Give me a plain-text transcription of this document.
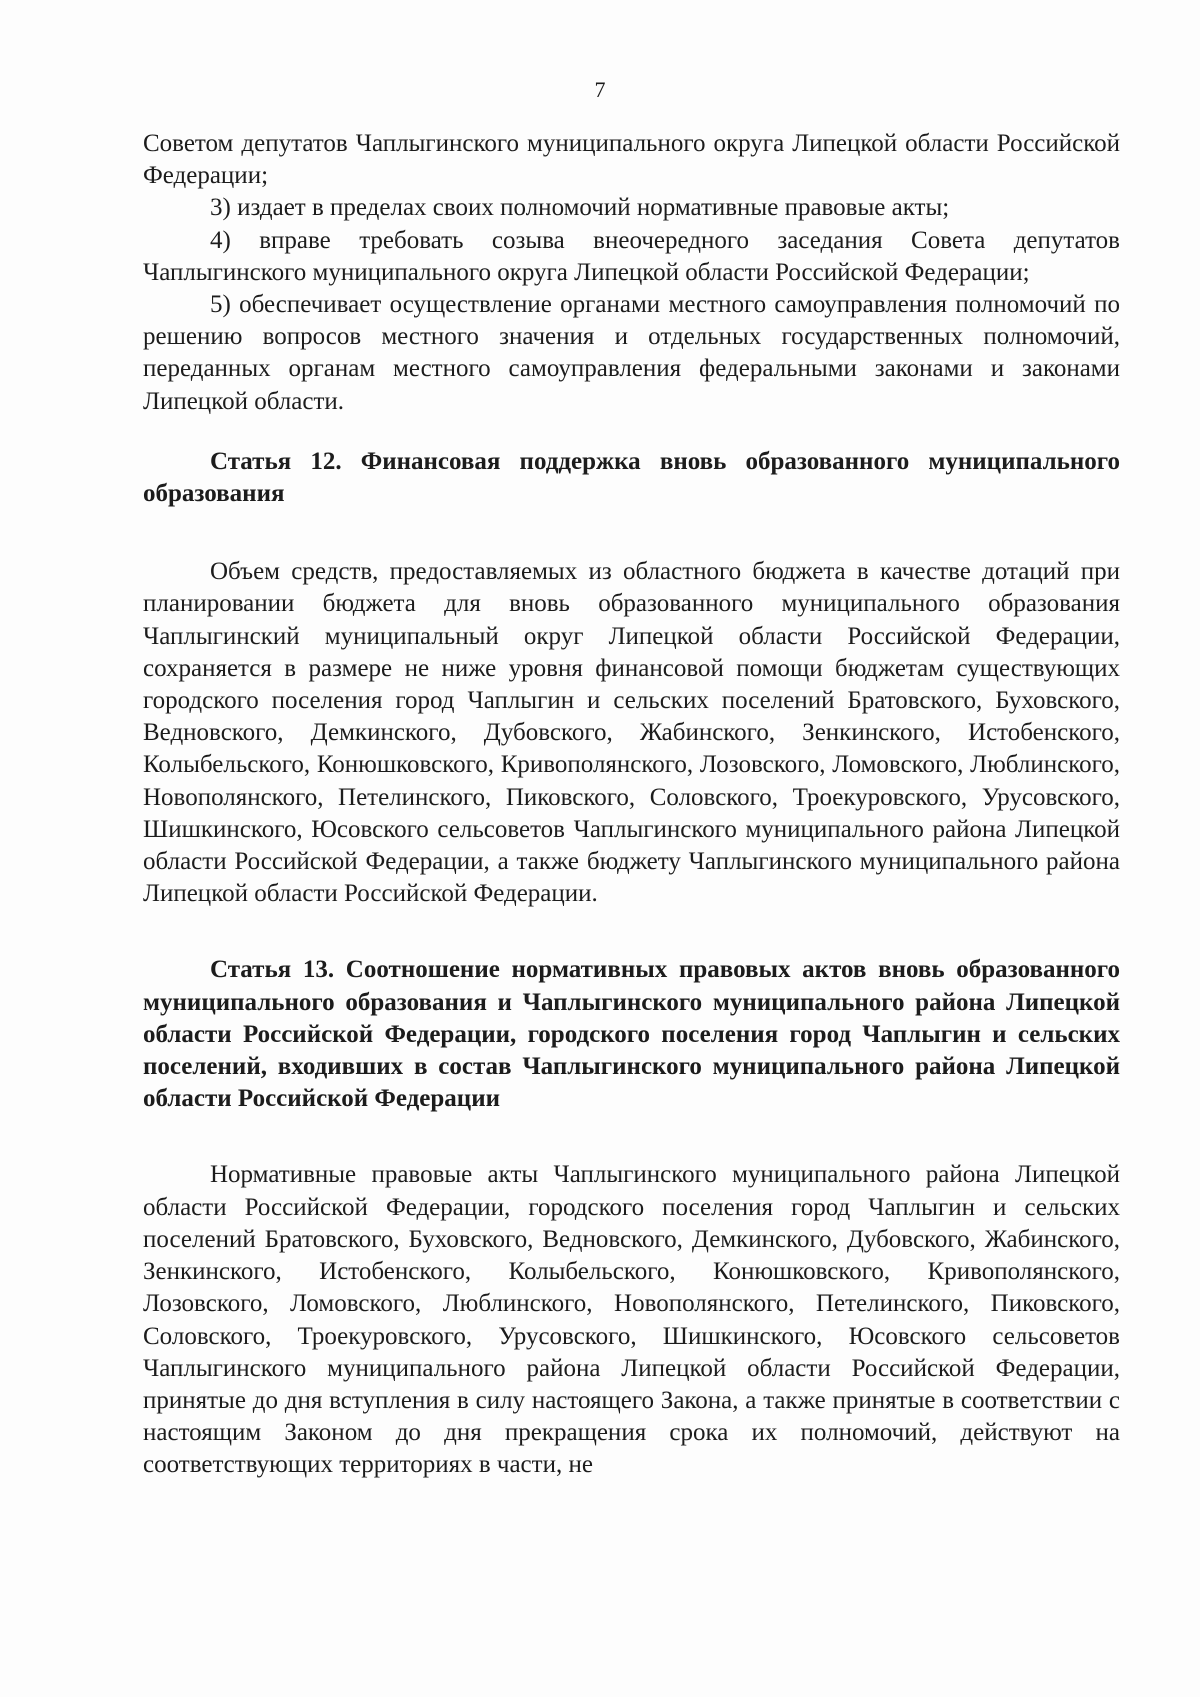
7

Советом депутатов Чаплыгинского муниципального округа Липецкой области Российской Федерации;

3) издает в пределах своих полномочий нормативные правовые акты;

4) вправе требовать созыва внеочередного заседания Совета депутатов Чаплыгинского муниципального округа Липецкой области Российской Федерации;

5) обеспечивает осуществление органами местного самоуправления полномочий по решению вопросов местного значения и отдельных государственных полномочий, переданных органам местного самоуправления федеральными законами и законами Липецкой области.

Статья 12. Финансовая поддержка вновь образованного муниципального образования

Объем средств, предоставляемых из областного бюджета в качестве дотаций при планировании бюджета для вновь образованного муниципального образования Чаплыгинский муниципальный округ Липецкой области Российской Федерации, сохраняется в размере не ниже уровня финансовой помощи бюджетам существующих городского поселения город Чаплыгин и сельских поселений Братовского, Буховского, Ведновского, Демкинского, Дубовского, Жабинского, Зенкинского, Истобенского, Колыбельского, Конюшковского, Кривополянского, Лозовского, Ломовского, Люблинского, Новополянского, Петелинского, Пиковского, Соловского, Троекуровского, Урусовского, Шишкинского, Юсовского сельсоветов Чаплыгинского муниципального района Липецкой области Российской Федерации, а также бюджету Чаплыгинского муниципального района Липецкой области Российской Федерации.

Статья 13. Соотношение нормативных правовых актов вновь образованного муниципального образования и Чаплыгинского муниципального района Липецкой области Российской Федерации, городского поселения город Чаплыгин и сельских поселений, входивших в состав Чаплыгинского муниципального района Липецкой области Российской Федерации

Нормативные правовые акты Чаплыгинского муниципального района Липецкой области Российской Федерации, городского поселения город Чаплыгин и сельских поселений Братовского, Буховского, Ведновского, Демкинского, Дубовского, Жабинского, Зенкинского, Истобенского, Колыбельского, Конюшковского, Кривополянского, Лозовского, Ломовского, Люблинского, Новополянского, Петелинского, Пиковского, Соловского, Троекуровского, Урусовского, Шишкинского, Юсовского сельсоветов Чаплыгинского муниципального района Липецкой области Российской Федерации, принятые до дня вступления в силу настоящего Закона, а также принятые в соответствии с настоящим Законом до дня прекращения срока их полномочий, действуют на соответствующих территориях в части, не
